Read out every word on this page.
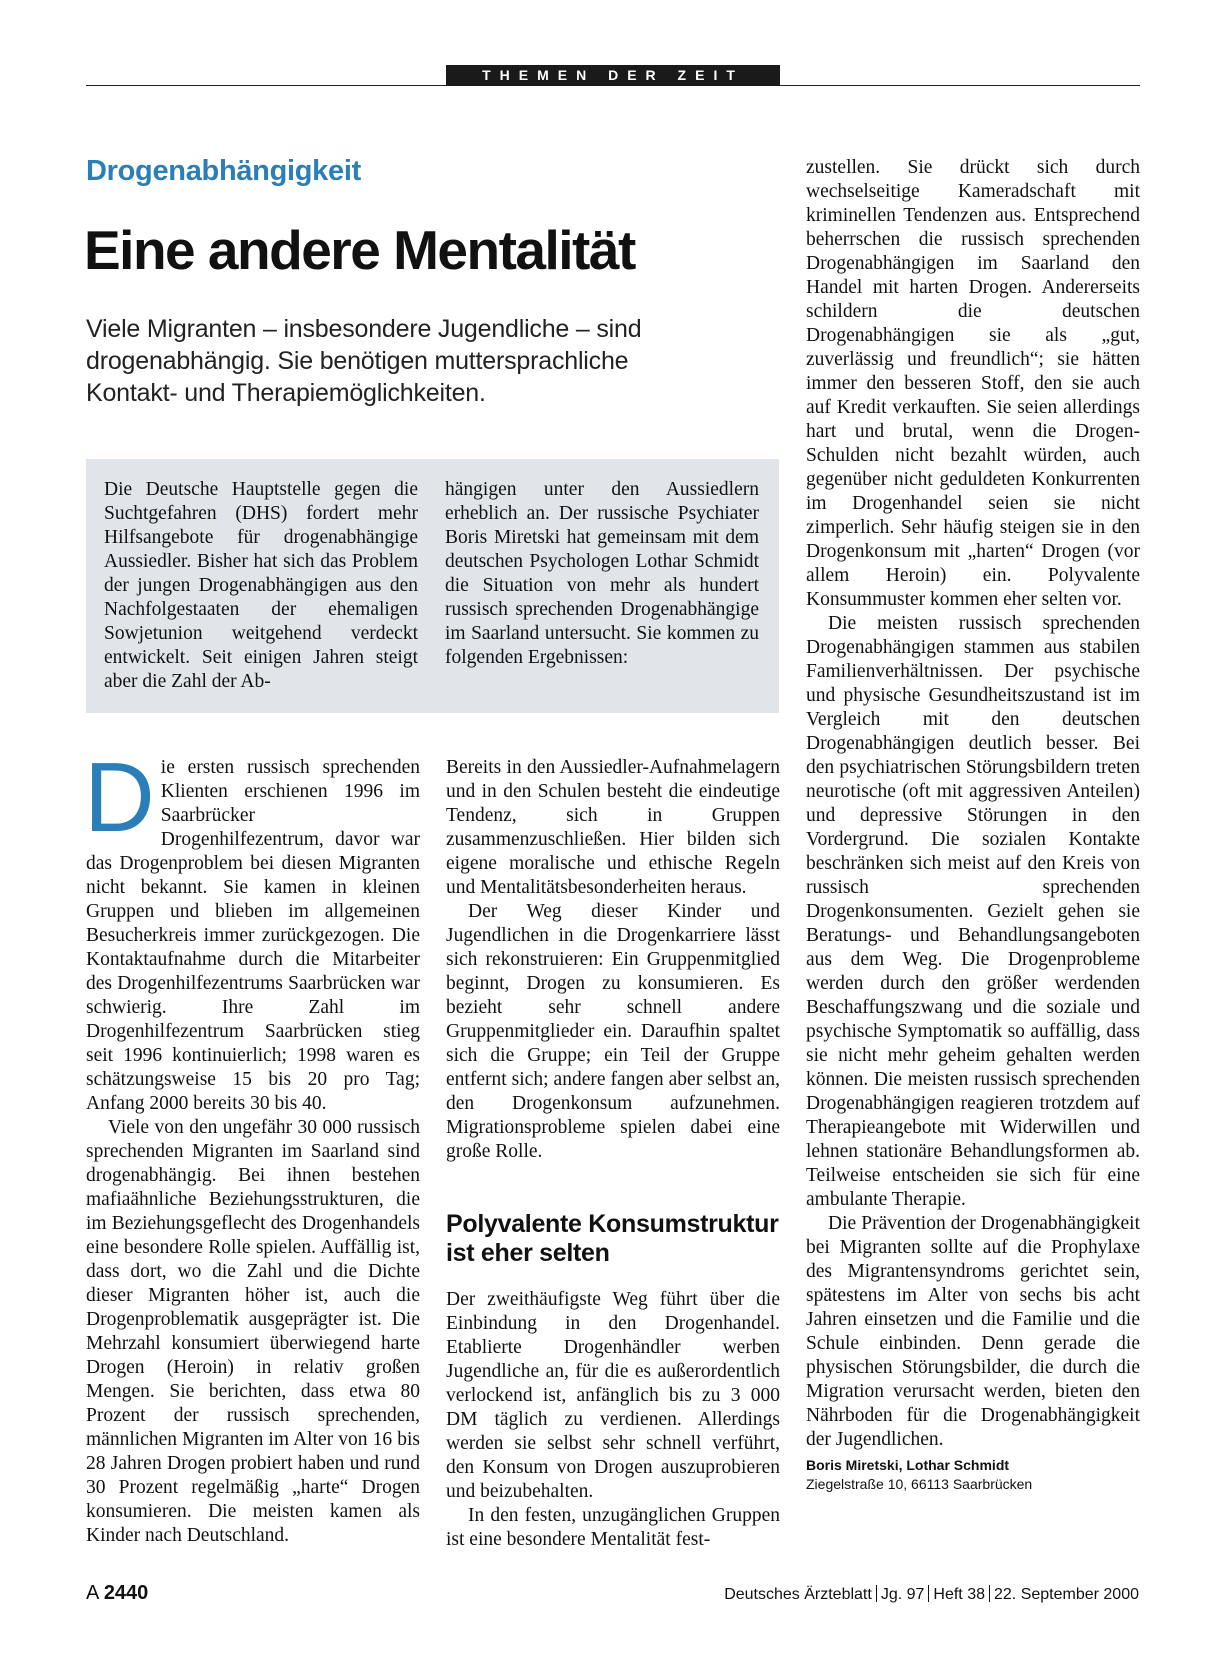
THEMEN DER ZEIT
Drogenabhängigkeit
Eine andere Mentalität

Viele Migranten – insbesondere Jugendliche – sind drogenabhängig. Sie benötigen muttersprachliche Kontakt- und Therapiemöglichkeiten.

Die Deutsche Hauptstelle gegen die Suchtgefahren (DHS) fordert mehr Hilfsangebote für drogenabhängige Aussiedler. Bisher hat sich das Problem der jungen Drogenabhängigen aus den Nachfolgestaaten der ehemaligen Sowjetunion weitgehend verdeckt entwickelt. Seit einigen Jahren steigt aber die Zahl der Ab-
hängigen unter den Aussiedlern erheblich an. Der russische Psychiater Boris Miretski hat gemeinsam mit dem deutschen Psychologen Lothar Schmidt die Situation von mehr als hundert russisch sprechenden Drogenabhängige im Saarland untersucht. Sie kommen zu folgenden Ergebnissen:

Die ersten russisch sprechenden Klienten erschienen 1996 im Saarbrücker Drogenhilfezentrum, davor war das Drogenproblem bei diesen Migranten nicht bekannt. Sie kamen in kleinen Gruppen und blieben im allgemeinen Besucherkreis immer zurückgezogen. Die Kontaktaufnahme durch die Mitarbeiter des Drogenhilfezentrums Saarbrücken war schwierig. Ihre Zahl im Drogenhilfezentrum Saarbrücken stieg seit 1996 kontinuierlich; 1998 waren es schätzungsweise 15 bis 20 pro Tag; Anfang 2000 bereits 30 bis 40.

Viele von den ungefähr 30 000 russisch sprechenden Migranten im Saarland sind drogenabhängig. Bei ihnen bestehen mafiaähnliche Beziehungsstrukturen, die im Beziehungsgeflecht des Drogenhandels eine besondere Rolle spielen. Auffällig ist, dass dort, wo die Zahl und die Dichte dieser Migranten höher ist, auch die Drogenproblematik ausgeprägter ist. Die Mehrzahl konsumiert überwiegend harte Drogen (Heroin) in relativ großen Mengen. Sie berichten, dass etwa 80 Prozent der russisch sprechenden, männlichen Migranten im Alter von 16 bis 28 Jahren Drogen probiert haben und rund 30 Prozent regelmäßig „harte“ Drogen konsumieren. Die meisten kamen als Kinder nach Deutschland.

Bereits in den Aussiedler-Aufnahmelagern und in den Schulen besteht die eindeutige Tendenz, sich in Gruppen zusammenzuschließen. Hier bilden sich eigene moralische und ethische Regeln und Mentalitätsbesonderheiten heraus.

Der Weg dieser Kinder und Jugendlichen in die Drogenkarriere lässt sich rekonstruieren: Ein Gruppenmitglied beginnt, Drogen zu konsumieren. Es bezieht sehr schnell andere Gruppenmitglieder ein. Daraufhin spaltet sich die Gruppe; ein Teil der Gruppe entfernt sich; andere fangen aber selbst an, den Drogenkonsum aufzunehmen. Migrationsprobleme spielen dabei eine große Rolle.

Polyvalente Konsumstruktur ist eher selten

Der zweithäufigste Weg führt über die Einbindung in den Drogenhandel. Etablierte Drogenhändler werben Jugendliche an, für die es außerordentlich verlockend ist, anfänglich bis zu 3 000 DM täglich zu verdienen. Allerdings werden sie selbst sehr schnell verführt, den Konsum von Drogen auszuprobieren und beizubehalten.

In den festen, unzugänglichen Gruppen ist eine besondere Mentalität fest-

zustellen. Sie drückt sich durch wechselseitige Kameradschaft mit kriminellen Tendenzen aus. Entsprechend beherrschen die russisch sprechenden Drogenabhängigen im Saarland den Handel mit harten Drogen. Andererseits schildern die deutschen Drogenabhängigen sie als „gut, zuverlässig und freundlich“; sie hätten immer den besseren Stoff, den sie auch auf Kredit verkauften. Sie seien allerdings hart und brutal, wenn die Drogen-Schulden nicht bezahlt würden, auch gegenüber nicht geduldeten Konkurrenten im Drogenhandel seien sie nicht zimperlich. Sehr häufig steigen sie in den Drogenkonsum mit „harten“ Drogen (vor allem Heroin) ein. Polyvalente Konsummuster kommen eher selten vor.

Die meisten russisch sprechenden Drogenabhängigen stammen aus stabilen Familienverhältnissen. Der psychische und physische Gesundheitszustand ist im Vergleich mit den deutschen Drogenabhängigen deutlich besser. Bei den psychiatrischen Störungsbildern treten neurotische (oft mit aggressiven Anteilen) und depressive Störungen in den Vordergrund. Die sozialen Kontakte beschränken sich meist auf den Kreis von russisch sprechenden Drogenkonsumenten. Gezielt gehen sie Beratungs- und Behandlungsangeboten aus dem Weg. Die Drogenprobleme werden durch den größer werdenden Beschaffungszwang und die soziale und psychische Symptomatik so auffällig, dass sie nicht mehr geheim gehalten werden können. Die meisten russisch sprechenden Drogenabhängigen reagieren trotzdem auf Therapieangebote mit Widerwillen und lehnen stationäre Behandlungsformen ab. Teilweise entscheiden sie sich für eine ambulante Therapie.

Die Prävention der Drogenabhängigkeit bei Migranten sollte auf die Prophylaxe des Migrantensyndroms gerichtet sein, spätestens im Alter von sechs bis acht Jahren einsetzen und die Familie und die Schule einbinden. Denn gerade die physischen Störungsbilder, die durch die Migration verursacht werden, bieten den Nährboden für die Drogenabhängigkeit der Jugendlichen.

Boris Miretski, Lothar Schmidt
Ziegelstraße 10, 66113 Saarbrücken
A 2440	Deutsches Ärzteblatt Jg. 97 Heft 38 22. September 2000
